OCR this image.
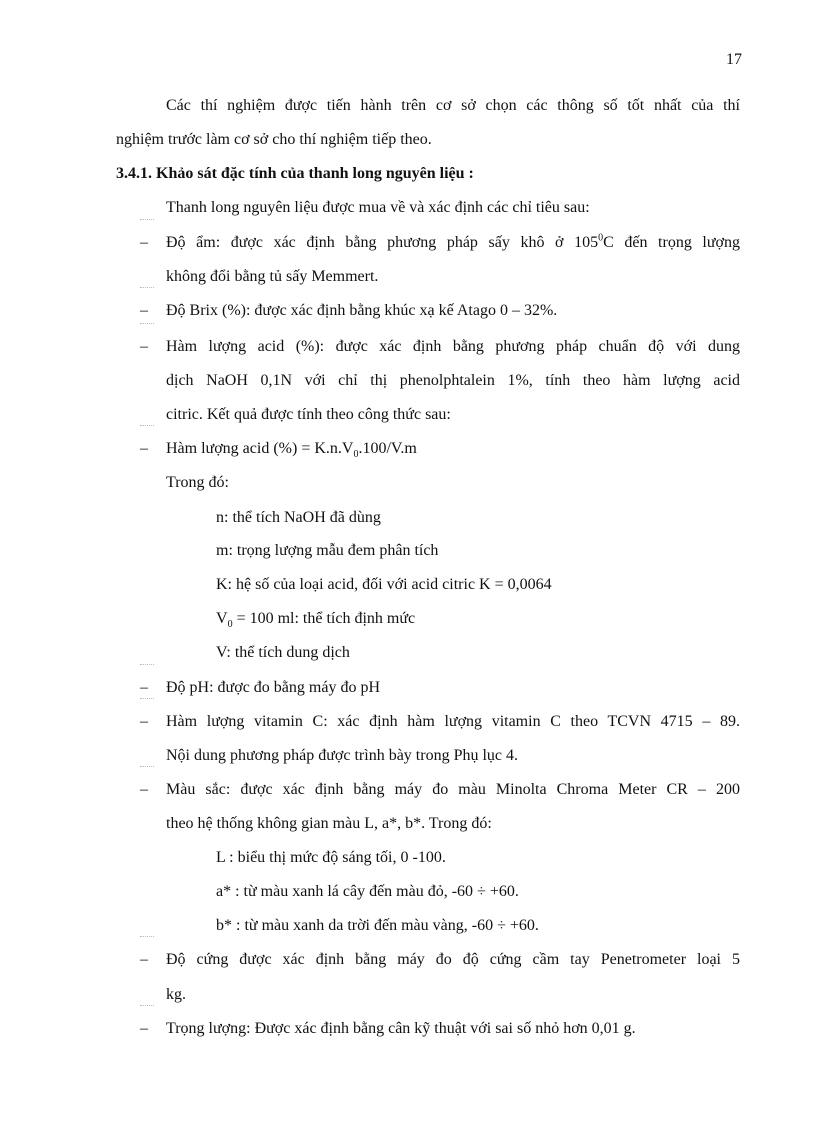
17
Các thí nghiệm được tiến hành trên cơ sở chọn các thông số tốt nhất của thí
nghiệm trước làm cơ sở cho thí nghiệm tiếp theo.
3.4.1. Khảo sát đặc tính của thanh long nguyên liệu :
Thanh long nguyên liệu được mua về và xác định các chỉ tiêu sau:
–	Độ ẩm: được xác định bằng phương pháp sấy khô ở $105^0C$ đến trọng lượng
không đổi bằng tủ sấy Memmert.
–	Độ Brix (%): được xác định bằng khúc xạ kế Atago 0 – 32%.
–	Hàm lượng acid (%): được xác định bằng phương pháp chuẩn độ với dung
dịch NaOH 0,1N với chỉ thị phenolphtalein 1%, tính theo hàm lượng acid
citric. Kết quả được tính theo công thức sau:
–	Hàm lượng acid (%) = $K.n.V_0.100/V.m$
Trong đó:
n: thể tích NaOH đã dùng
m: trọng lượng mẫu đem phân tích
K: hệ số của loại acid, đối với acid citric K = 0,0064
$V_0 = 100$ ml: thể tích định mức
V: thể tích dung dịch
–	Độ pH: được đo bằng máy đo pH
–	Hàm lượng vitamin C: xác định hàm lượng vitamin C theo TCVN 4715 – 89.
Nội dung phương pháp được trình bày trong Phụ lục 4.
–	Màu sắc: được xác định bằng máy đo màu Minolta Chroma Meter CR – 200
theo hệ thống không gian màu L, a*, b*. Trong đó:
L : biểu thị mức độ sáng tối, 0 -100.
a* : từ màu xanh lá cây đến màu đỏ, -60 ÷ +60.
b* : từ màu xanh da trời đến màu vàng, -60 ÷ +60.
–	Độ cứng được xác định bằng máy đo độ cứng cầm tay Penetrometer loại 5
kg.
–	Trọng lượng: Được xác định bằng cân kỹ thuật với sai số nhỏ hơn 0,01 g.
